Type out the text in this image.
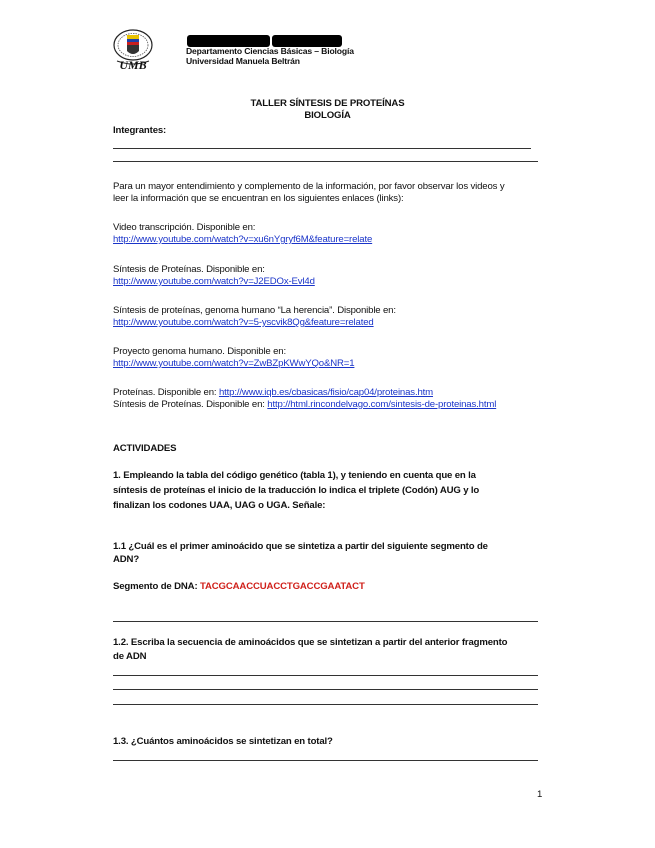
UMB
Departamento Ciencias Básicas – Biología
Universidad Manuela Beltrán
TALLER SÍNTESIS DE PROTEÍNAS
BIOLOGÍA
Integrantes:
Para un mayor entendimiento y complemento de la información, por favor observar los videos y
leer la información que se encuentran en los siguientes enlaces (links):
Video transcripción. Disponible en:
http://www.youtube.com/watch?v=xu6nYgryf6M&feature=relate
Síntesis de Proteínas. Disponible en:
http://www.youtube.com/watch?v=J2EDOx-Evl4d
Síntesis de proteínas, genoma humano “La herencia”. Disponible en:
http://www.youtube.com/watch?v=5-yscvik8Qg&feature=related
Proyecto genoma humano. Disponible en:
http://www.youtube.com/watch?v=ZwBZpKWwYQo&NR=1
Proteínas. Disponible en: http://www.iqb.es/cbasicas/fisio/cap04/proteinas.htm
Síntesis de Proteínas. Disponible en: http://html.rincondelvago.com/sintesis-de-proteinas.html
ACTIVIDADES
1. Empleando la tabla del código genético (tabla 1), y teniendo en cuenta que en la
síntesis de proteínas el inicio de la traducción lo indica el triplete (Codón) AUG y lo
finalizan los codones UAA, UAG o UGA. Señale:
1.1 ¿Cuál es el primer aminoácido que se sintetiza a partir del siguiente segmento de
ADN?
Segmento de DNA: TACGCAACCUACCTGACCGAATACT
1.2. Escriba la secuencia de aminoácidos que se sintetizan a partir del anterior fragmento
de ADN
1.3. ¿Cuántos aminoácidos se sintetizan en total?
1
